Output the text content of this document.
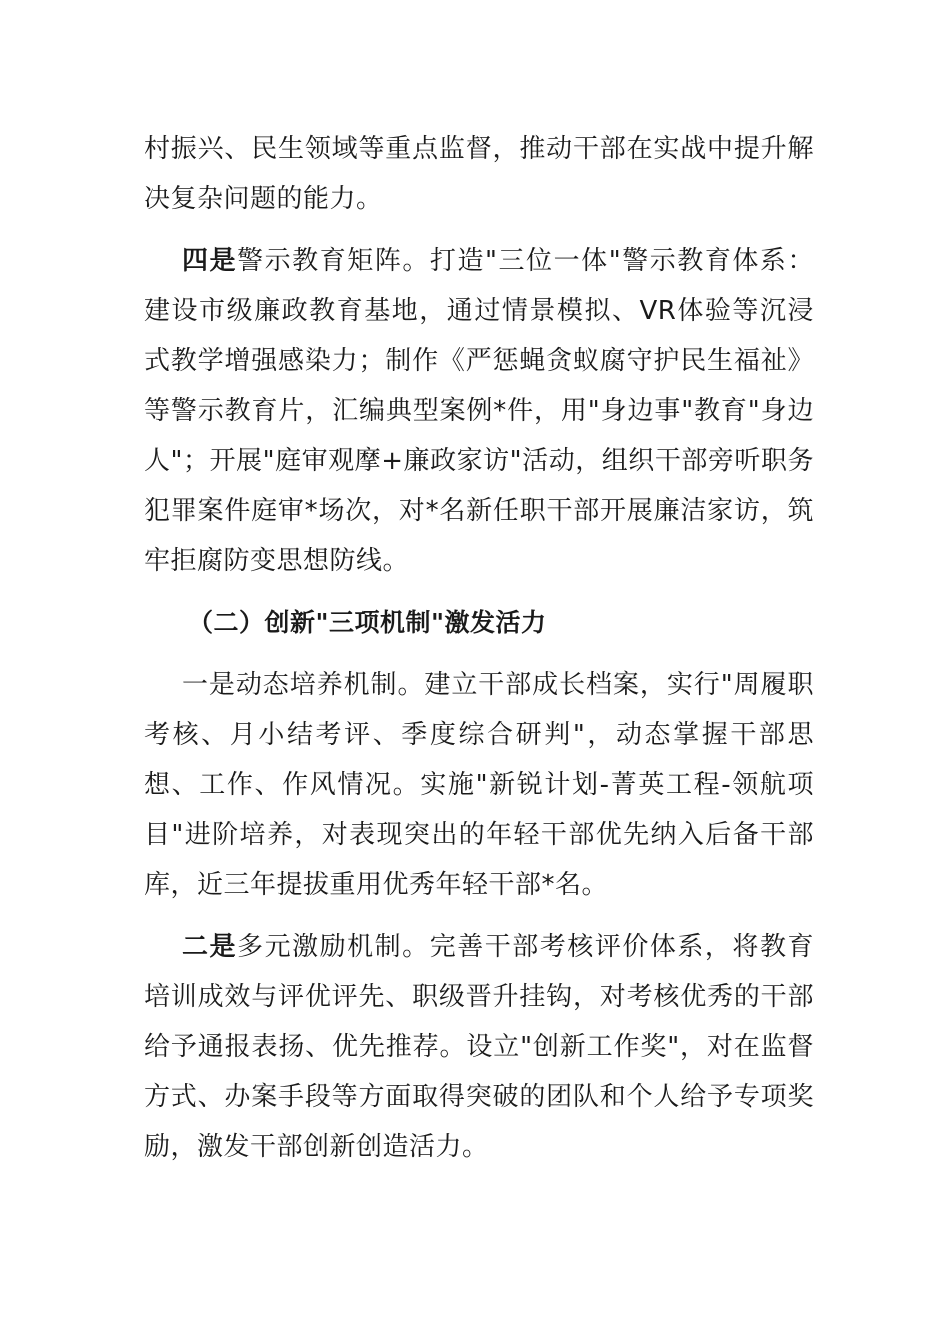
村振兴、民生领域等重点监督，推动干部在实战中提升解决复杂问题的能力。

四是警示教育矩阵。打造"三位一体"警示教育体系：建设市级廉政教育基地，通过情景模拟、VR体验等沉浸式教学增强感染力；制作《严惩蝇贪蚁腐守护民生福祉》等警示教育片，汇编典型案例*件，用"身边事"教育"身边人"；开展"庭审观摩+廉政家访"活动，组织干部旁听职务犯罪案件庭审*场次，对*名新任职干部开展廉洁家访，筑牢拒腐防变思想防线。

（二）创新"三项机制"激发活力

一是动态培养机制。建立干部成长档案，实行"周履职考核、月小结考评、季度综合研判"，动态掌握干部思想、工作、作风情况。实施"新锐计划-菁英工程-领航项目"进阶培养，对表现突出的年轻干部优先纳入后备干部库，近三年提拔重用优秀年轻干部*名。

二是多元激励机制。完善干部考核评价体系，将教育培训成效与评优评先、职级晋升挂钩，对考核优秀的干部给予通报表扬、优先推荐。设立"创新工作奖"，对在监督方式、办案手段等方面取得突破的团队和个人给予专项奖励，激发干部创新创造活力。
